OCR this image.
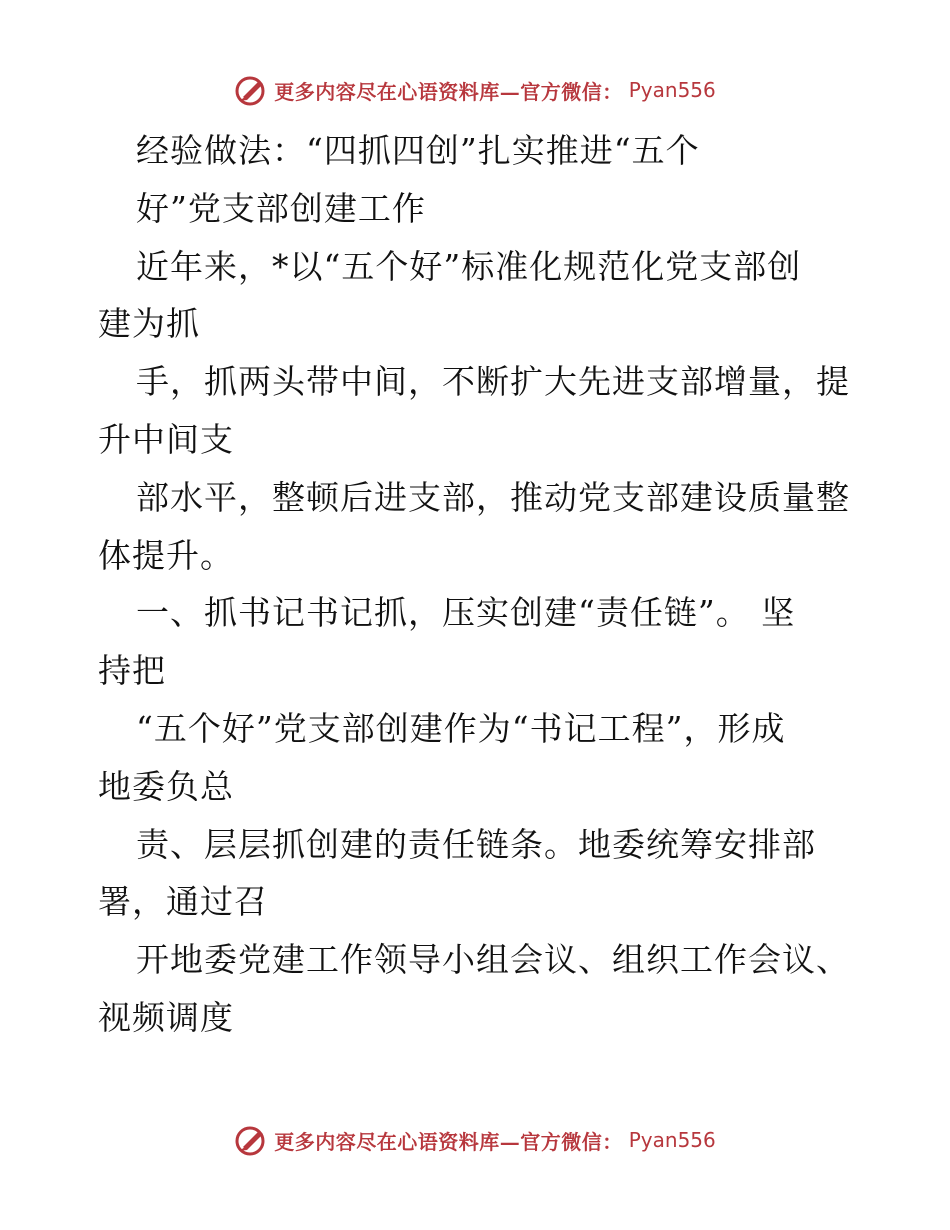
更多内容尽在心语资料库—官方微信： Pyan556
经验做法：“四抓四创”扎实推进“五个
好”党支部创建工作
近年来，*以“五个好”标准化规范化党支部创
建为抓
手，抓两头带中间，不断扩大先进支部增量，提
升中间支
部水平，整顿后进支部，推动党支部建设质量整
体提升。
一、抓书记书记抓，压实创建“责任链”。 坚
持把
“五个好”党支部创建作为“书记工程”，形成
地委负总
责、层层抓创建的责任链条。地委统筹安排部
署，通过召
开地委党建工作领导小组会议、组织工作会议、
视频调度
更多内容尽在心语资料库—官方微信： Pyan556
